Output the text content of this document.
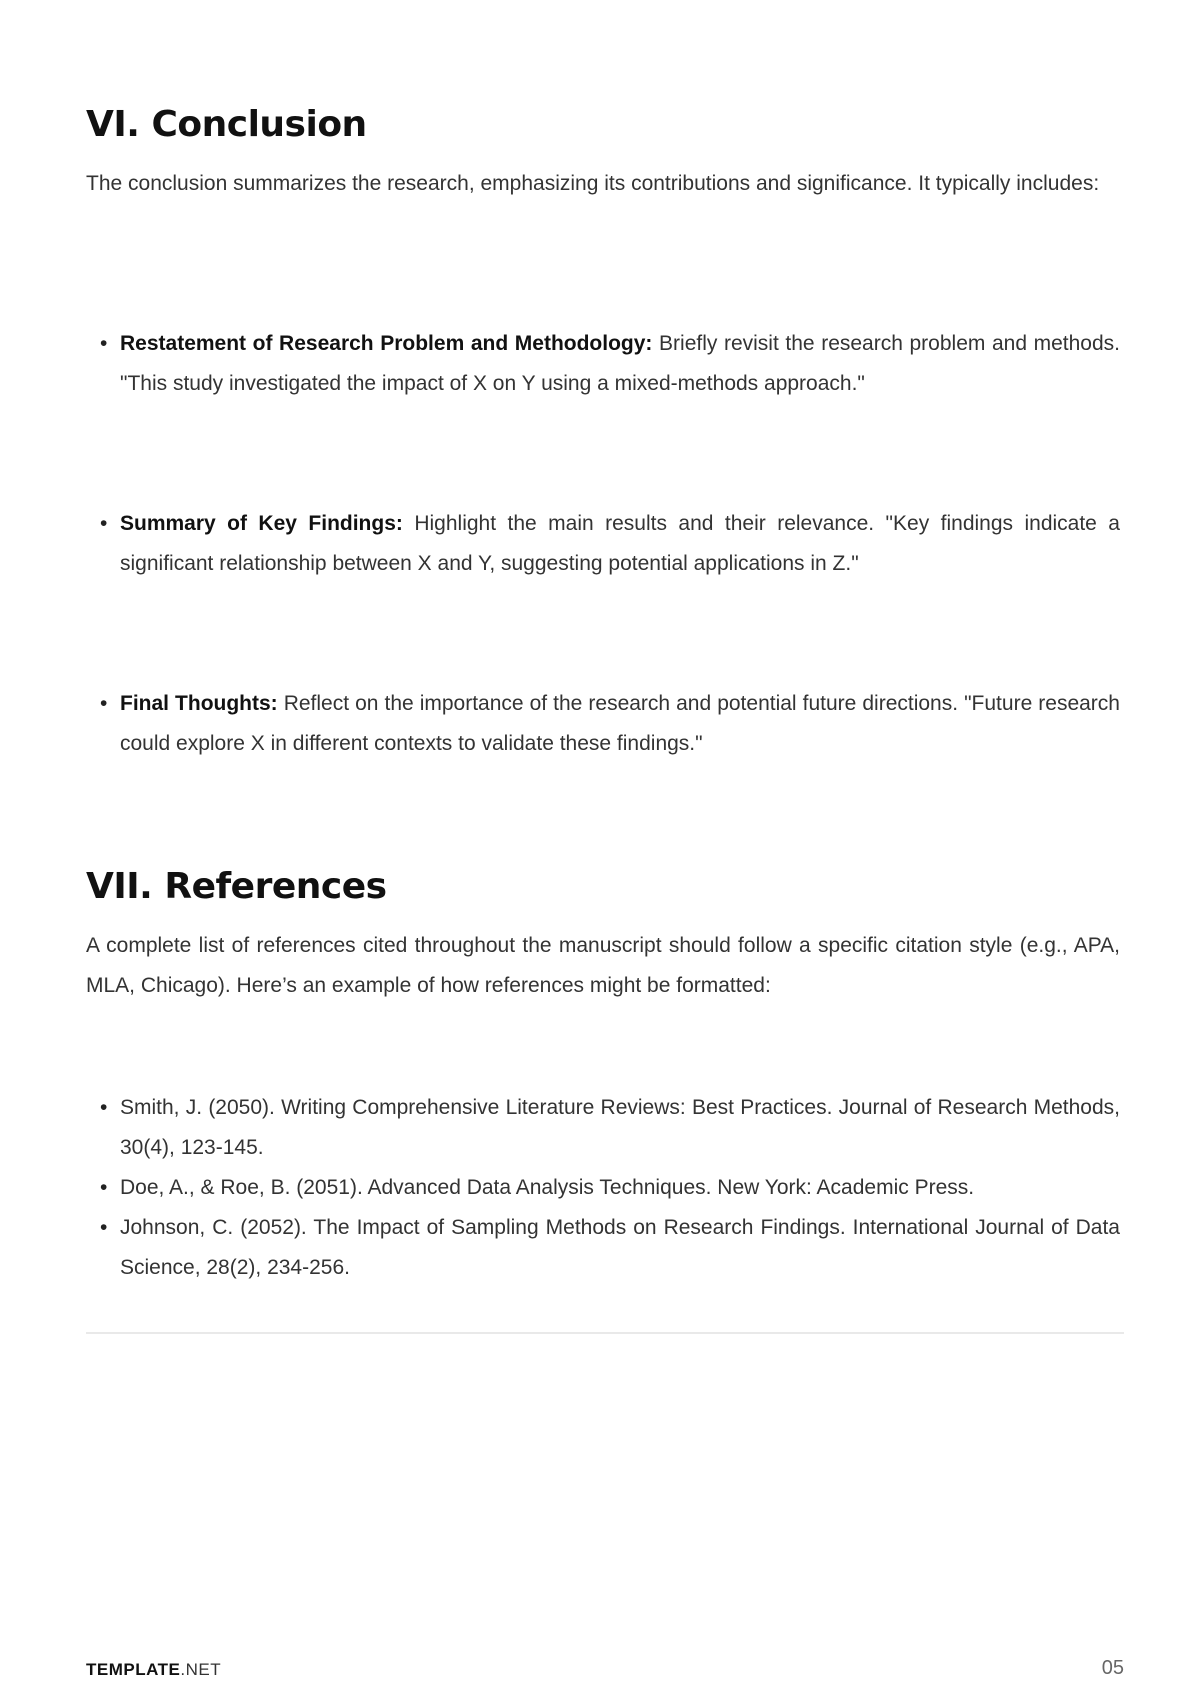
VI. Conclusion

The conclusion summarizes the research, emphasizing its contributions and significance. It typically includes:

• Restatement of Research Problem and Methodology: Briefly revisit the research problem and methods. "This study investigated the impact of X on Y using a mixed-methods approach."
• Summary of Key Findings: Highlight the main results and their relevance. "Key findings indicate a significant relationship between X and Y, suggesting potential applications in Z."
• Final Thoughts: Reflect on the importance of the research and potential future directions. "Future research could explore X in different contexts to validate these findings."
VII. References

A complete list of references cited throughout the manuscript should follow a specific citation style (e.g., APA, MLA, Chicago). Here’s an example of how references might be formatted:

• Smith, J. (2050). Writing Comprehensive Literature Reviews: Best Practices. Journal of Research Methods, 30(4), 123-145.
• Doe, A., & Roe, B. (2051). Advanced Data Analysis Techniques. New York: Academic Press.
• Johnson, C. (2052). The Impact of Sampling Methods on Research Findings. International Journal of Data Science, 28(2), 234-256.
TEMPLATE.NET	05
